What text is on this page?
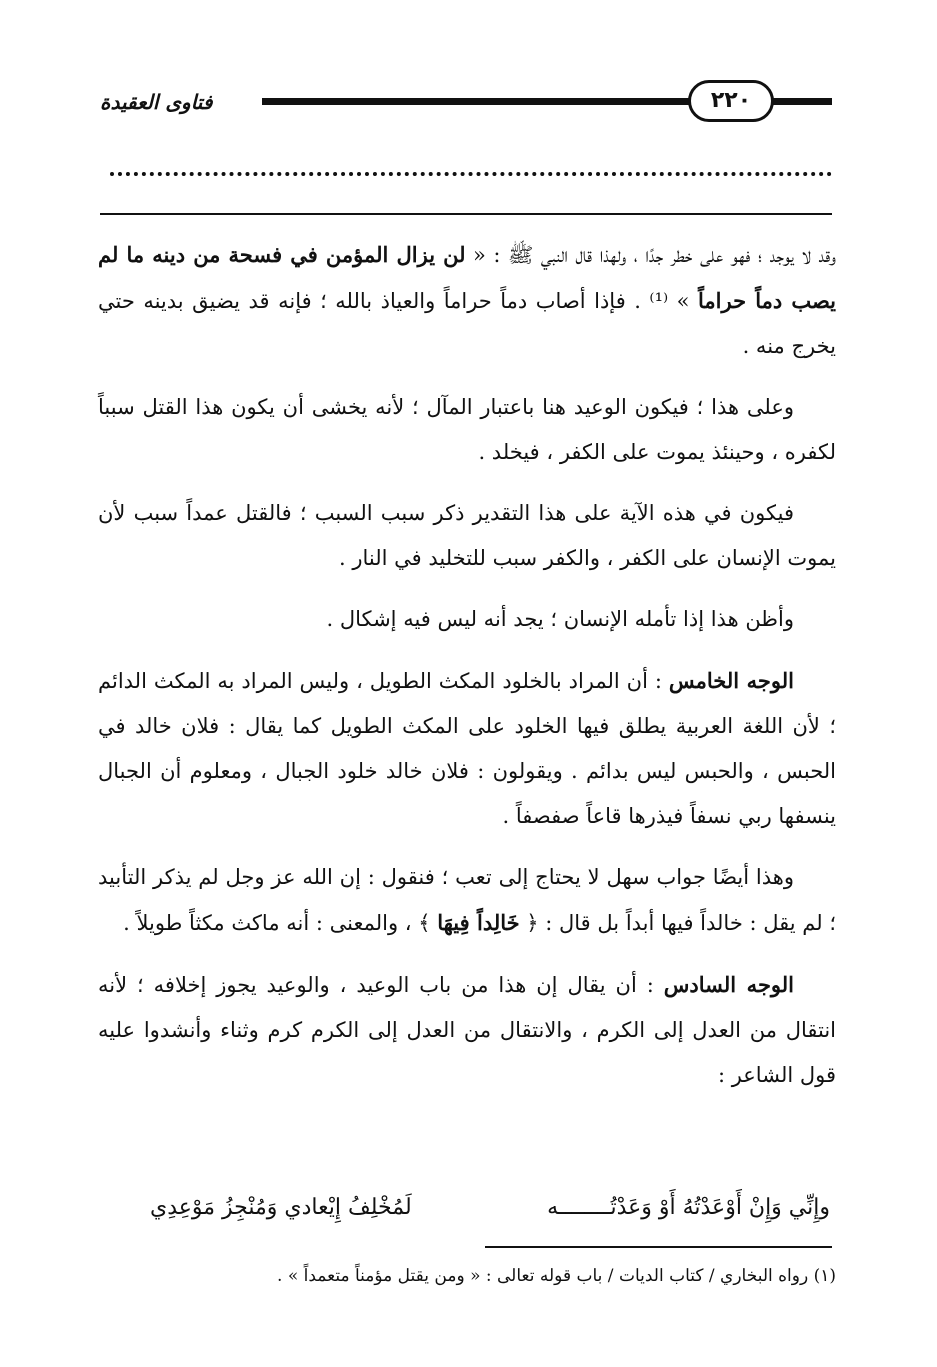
فتاوى العقيدة	٢٢٠

وقد لا يوجد ؛ فهو على خطر جدًا ، ولهذا قال النبي ﷺ : « لن يزال المؤمن في فسحة من دينه ما لم يصب دماً حراماً » ⁽¹⁾ . فإذا أصاب دماً حراماً والعياذ بالله ؛ فإنه قد يضيق بدينه حتي يخرج منه .

وعلى هذا ؛ فيكون الوعيد هنا باعتبار المآل ؛ لأنه يخشى أن يكون هذا القتل سبباً لكفره ، وحينئذ يموت على الكفر ، فيخلد .

فيكون في هذه الآية على هذا التقدير ذكر سبب السبب ؛ فالقتل عمداً سبب لأن يموت الإنسان على الكفر ، والكفر سبب للتخليد في النار .

وأظن هذا إذا تأمله الإنسان ؛ يجد أنه ليس فيه إشكال .

الوجه الخامس : أن المراد بالخلود المكث الطويل ، وليس المراد به المكث الدائم ؛ لأن اللغة العربية يطلق فيها الخلود على المكث الطويل كما يقال : فلان خالد في الحبس ، والحبس ليس بدائم . ويقولون : فلان خالد خلود الجبال ، ومعلوم أن الجبال ينسفها ربي نسفاً فيذرها قاعاً صفصفاً .

وهذا أيضًا جواب سهل لا يحتاج إلى تعب ؛ فنقول : إن الله عز وجل لم يذكر التأبيد ؛ لم يقل : خالداً فيها أبداً بل قال : ﴿ خَالِداً فِيهَا ﴾ ، والمعنى : أنه ماكث مكثاً طويلاً .

الوجه السادس : أن يقال إن هذا من باب الوعيد ، والوعيد يجوز إخلافه ؛ لأنه انتقال من العدل إلى الكرم ، والانتقال من العدل إلى الكرم كرم وثناء وأنشدوا عليه قول الشاعر :

وإِنِّي وَإِنْ أَوْعَدْتُهُ أَوْ وَعَدْتُــــــــه
لَمُخْلِفُ إِيْعادي وَمُنْجِزُ مَوْعِدِي
(١) رواه البخاري / كتاب الديات / باب قوله تعالى : « ومن يقتل مؤمناً متعمداً » .
